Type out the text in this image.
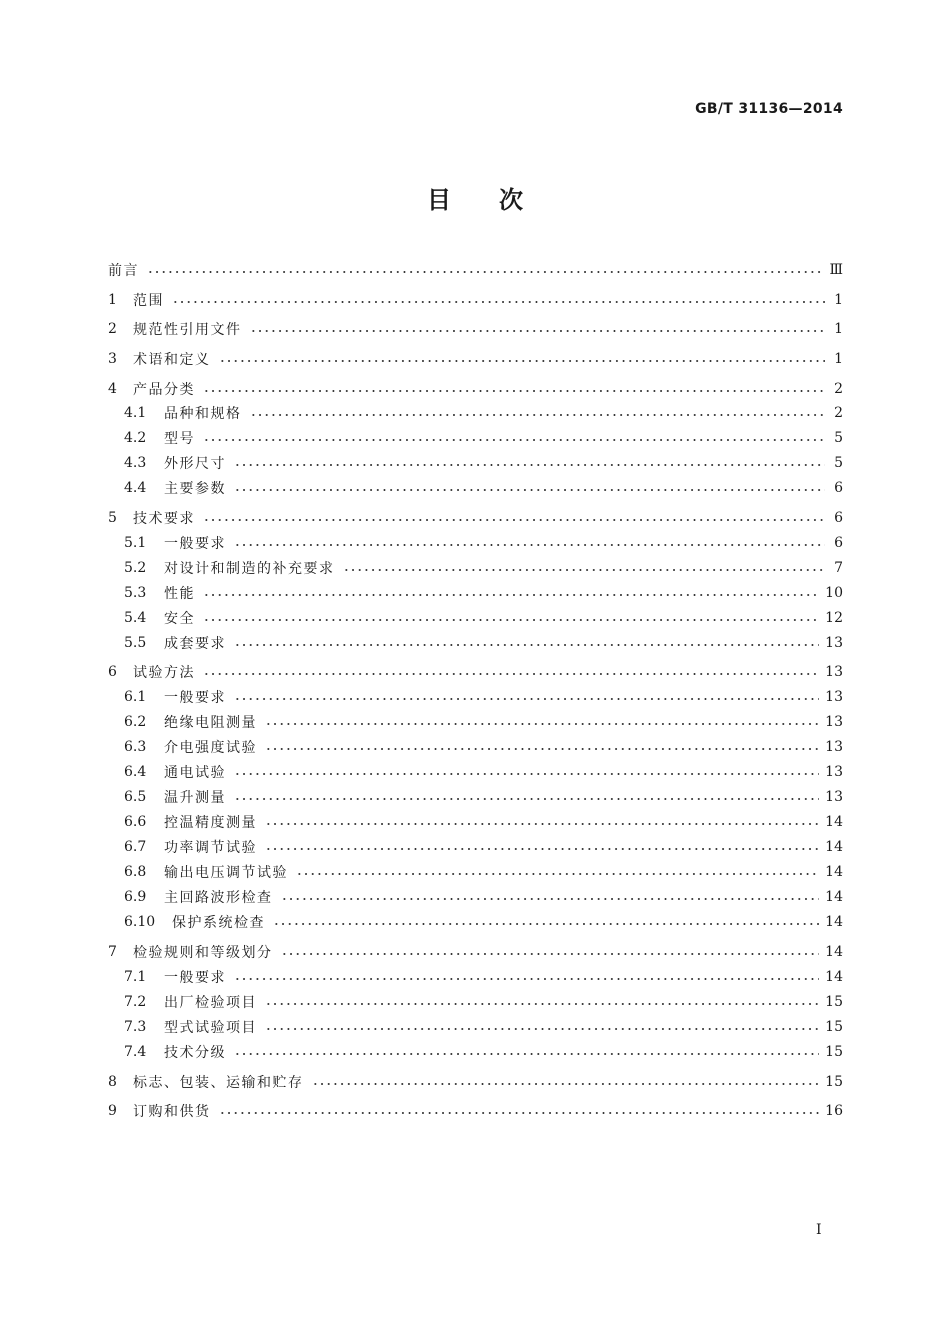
GB/T 31136—2014
目次
前言	Ⅲ
1	范围	1
2	规范性引用文件	1
3	术语和定义	1
4	产品分类	2
4.1	品种和规格	2
4.2	型号	5
4.3	外形尺寸	5
4.4	主要参数	6
5	技术要求	6
5.1	一般要求	6
5.2	对设计和制造的补充要求	7
5.3	性能	10
5.4	安全	12
5.5	成套要求	13
6	试验方法	13
6.1	一般要求	13
6.2	绝缘电阻测量	13
6.3	介电强度试验	13
6.4	通电试验	13
6.5	温升测量	13
6.6	控温精度测量	14
6.7	功率调节试验	14
6.8	输出电压调节试验	14
6.9	主回路波形检查	14
6.10	保护系统检查	14
7	检验规则和等级划分	14
7.1	一般要求	14
7.2	出厂检验项目	15
7.3	型式试验项目	15
7.4	技术分级	15
8	标志、包装、运输和贮存	15
9	订购和供货	16
I
